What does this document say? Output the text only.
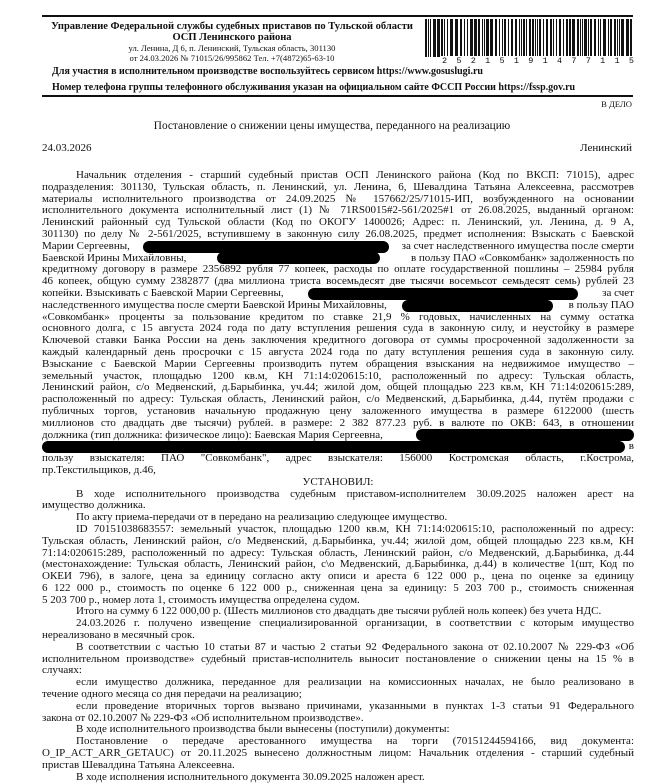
Управление Федеральной службы судебных приставов по Тульской области
ОСП Ленинского района
ул. Ленина, Д 6, п. Ленинский, Тульская область, 301130
от 24.03.2026 № 71015/26/995862 Тел. +7(4872)65-63-10	2 5 2 1 5 1 9 1 4 7 7 1 1 5
Для участия в исполнительном производстве воспользуйтесь сервисом https://www.gosuslugi.ru
Номер телефона группы телефонного обслуживания указан на официальном сайте ФССП России https://fssp.gov.ru
В ДЕЛО
Постановление о снижении цены имущества, переданного на реализацию
24.03.2026	Ленинский
Начальник отделения - старший судебный пристав ОСП Ленинского района (Код по ВКСП: 71015), адрес
подразделения: 301130, Тульская область, п. Ленинский, ул. Ленина, 6, Шевалдина Татьяна Алексеевна, рассмотрев
материалы исполнительного производства от 24.09.2025 № 157662/25/71015-ИП, возбужденного на основании
исполнительного документа исполнительный лист (1) № 71RS0015#2-561/2025#1 от 26.08.2025, выданный органом:
Ленинский районный суд Тульской области (Код по ОКОГУ 1400026; Адрес: п. Ленинский, ул. Ленина, д. 9 А,
301130) по делу № 2-561/2025, вступившему в законную силу 26.08.2025, предмет исполнения: Взыскать с Баевской
Марии Сергеевны,	за счет наследственного имущества после смерти
Баевской Ирины Михайловны,	в пользу ПАО «Совкомбанк» задолженность по
кредитному договору в размере 2356892 рубля 77 копеек, расходы по оплате государственной пошлины – 25984 рубля
46 копеек, общую сумму 2382877 (два миллиона триста восемьдесят две тысячи восемьсот семьдесят семь) рублей 23
копейки. Взыскивать с Баевской Марии Сергеевны,	за счет
наследственного имущества после смерти Баевской Ирины Михайловны,	в пользу ПАО
«Совкомбанк» проценты за пользование кредитом по ставке 21,9 % годовых, начисленных на сумму остатка
основного долга, с 15 августа 2024 года по дату вступления решения суда в законную силу, и неустойку в размере
Ключевой ставки Банка России на день заключения кредитного договора от суммы просроченной задолженности за
каждый календарный день просрочки с 15 августа 2024 года по дату вступления решения суда в законную силу.
Взыскание с Баевской Марии Сергеевны производить путем обращения взыскания на недвижимое имущество –
земельный участок, площадью 1200 кв.м, КН 71:14:020615:10, расположенный по адресу: Тульская область,
Ленинский район, с/о Медвенский, д.Барыбинка, уч.44; жилой дом, общей площадью 223 кв.м, КН 71:14:020615:289,
расположенный по адресу: Тульская область, Ленинский район, с/о Медвенский, д.Барыбинка, д.44, путём продажи с
публичных торгов, установив начальную продажную цену заложенного имущества в размере 6122000 (шесть
миллионов сто двадцать две тысячи) рублей. в размере: 2 382 877.23 руб. в валюте по ОКВ: 643, в отношении
должника (тип должника: физическое лицо): Баевская Мария Сергеевна,
в
пользу взыскателя: ПАО "Совкомбанк", адрес взыскателя: 156000 Костромская область, г.Кострома,
пр.Текстильщиков, д.46,
УСТАНОВИЛ:
В ходе исполнительного производства судебным приставом-исполнителем 30.09.2025 наложен арест на
имущество должника.
По акту приема-передачи от в передано на реализацию следующее имущество.
ID 70151038683557: земельный участок, площадью 1200 кв.м, КН 71:14:020615:10, расположенный по адресу:
Тульская область, Ленинский район, с/о Медвенский, д.Барыбинка, уч.44; жилой дом, общей площадью 223 кв.м, КН
71:14:020615:289, расположенный по адресу: Тульская область, Ленинский район, с/о Медвенский, д.Барыбинка, д.44
(местонахождение: Тульская область, Ленинский район, с\о Медвенский, д.Барыбинка, д.44) в количестве 1(шт, Код по
ОКЕИ 796), в залоге, цена за единицу согласно акту описи и ареста 6 122 000 р., цена по оценке за единицу
6 122 000 р., стоимость по оценке 6 122 000 р., сниженная цена за единицу: 5 203 700 р., стоимость сниженная
5 203 700 р., номер лота 1, стоимость имущества определена судом.
Итого на сумму 6 122 000,00 р. (Шесть миллионов сто двадцать две тысячи рублей ноль копеек) без учета НДС.
24.03.2026 г. получено извещение специализированной организации, в соответствии с которым имущество
нереализовано в месячный срок.
В соответствии с частью 10 статьи 87 и частью 2 статьи 92 Федерального закона от 02.10.2007 № 229-ФЗ «Об
исполнительном производстве» судебный пристав-исполнитель выносит постановление о снижении цены на 15 % в
случаях:
если имущество должника, переданное для реализации на комиссионных началах, не было реализовано в
течение одного месяца со дня передачи на реализацию;
если проведение вторичных торгов вызвано причинами, указанными в пунктах 1-3 статьи 91 Федерального
закона от 02.10.2007 № 229-ФЗ «Об исполнительном производстве».
В ходе исполнительного производства были вынесены (поступили) документы:
Постановление о передаче арестованного имущества на торги (70151244594166, вид документа:
O_IP_ACT_ARR_GETAUC) от 20.11.2025 вынесено должностным лицом: Начальник отделения - старший судебный
пристав Шевалдина Татьяна Алексеевна.
В ходе исполнения исполнительного документа 30.09.2025 наложен арест.
